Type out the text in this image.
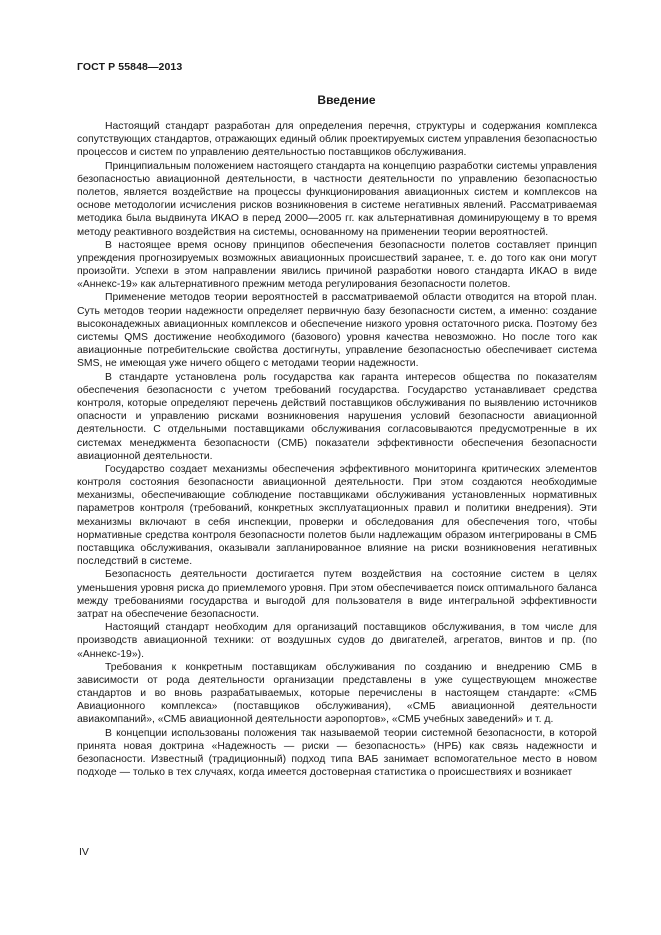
ГОСТ Р 55848—2013
Введение

Настоящий стандарт разработан для определения перечня, структуры и содержания комплекса сопутствующих стандартов, отражающих единый облик проектируемых систем управления безопасностью процессов и систем по управлению деятельностью поставщиков обслуживания.

Принципиальным положением настоящего стандарта на концепцию разработки системы управления безопасностью авиационной деятельности, в частности деятельности по управлению безопасностью полетов, является воздействие на процессы функционирования авиационных систем и комплексов на основе методологии исчисления рисков возникновения в системе негативных явлений. Рассматриваемая методика была выдвинута ИКАО в перед 2000—2005 гг. как альтернативная доминирующему в то время методу реактивного воздействия на системы, основанному на применении теории вероятностей.

В настоящее время основу принципов обеспечения безопасности полетов составляет принцип упреждения прогнозируемых возможных авиационных происшествий заранее, т. е. до того как они могут произойти. Успехи в этом направлении явились причиной разработки нового стандарта ИКАО в виде «Аннекс-19» как альтернативного прежним метода регулирования безопасности полетов.

Применение методов теории вероятностей в рассматриваемой области отводится на второй план. Суть методов теории надежности определяет первичную базу безопасности систем, а именно: создание высоконадежных авиационных комплексов и обеспечение низкого уровня остаточного риска. Поэтому без системы QMS достижение необходимого (базового) уровня качества невозможно. Но после того как авиационные потребительские свойства достигнуты, управление безопасностью обеспечивает система SMS, не имеющая уже ничего общего с методами теории надежности.

В стандарте установлена роль государства как гаранта интересов общества по показателям обеспечения безопасности с учетом требований государства. Государство устанавливает средства контроля, которые определяют перечень действий поставщиков обслуживания по выявлению источников опасности и управлению рисками возникновения нарушения условий безопасности авиационной деятельности. С отдельными поставщиками обслуживания согласовываются предусмотренные в их системах менеджмента безопасности (СМБ) показатели эффективности обеспечения безопасности авиационной деятельности.

Государство создает механизмы обеспечения эффективного мониторинга критических элементов контроля состояния безопасности авиационной деятельности. При этом создаются необходимые механизмы, обеспечивающие соблюдение поставщиками обслуживания установленных нормативных параметров контроля (требований, конкретных эксплуатационных правил и политики внедрения). Эти механизмы включают в себя инспекции, проверки и обследования для обеспечения того, чтобы нормативные средства контроля безопасности полетов были надлежащим образом интегрированы в СМБ поставщика обслуживания, оказывали запланированное влияние на риски возникновения негативных последствий в системе.

Безопасность деятельности достигается путем воздействия на состояние систем в целях уменьшения уровня риска до приемлемого уровня. При этом обеспечивается поиск оптимального баланса между требованиями государства и выгодой для пользователя в виде интегральной эффективности затрат на обеспечение безопасности.

Настоящий стандарт необходим для организаций поставщиков обслуживания, в том числе для производств авиационной техники: от воздушных судов до двигателей, агрегатов, винтов и пр. (по «Аннекс-19»).

Требования к конкретным поставщикам обслуживания по созданию и внедрению СМБ в зависимости от рода деятельности организации представлены в уже существующем множестве стандартов и во вновь разрабатываемых, которые перечислены в настоящем стандарте: «СМБ Авиационного комплекса» (поставщиков обслуживания), «СМБ авиационной деятельности авиакомпаний», «СМБ авиационной деятельности аэропортов», «СМБ учебных заведений» и т. д.

В концепции использованы положения так называемой теории системной безопасности, в которой принята новая доктрина «Надежность — риски — безопасность» (НРБ) как связь надежности и безопасности. Известный (традиционный) подход типа ВАБ занимает вспомогательное место в новом подходе — только в тех случаях, когда имеется достоверная статистика о происшествиях и возникает

IV
